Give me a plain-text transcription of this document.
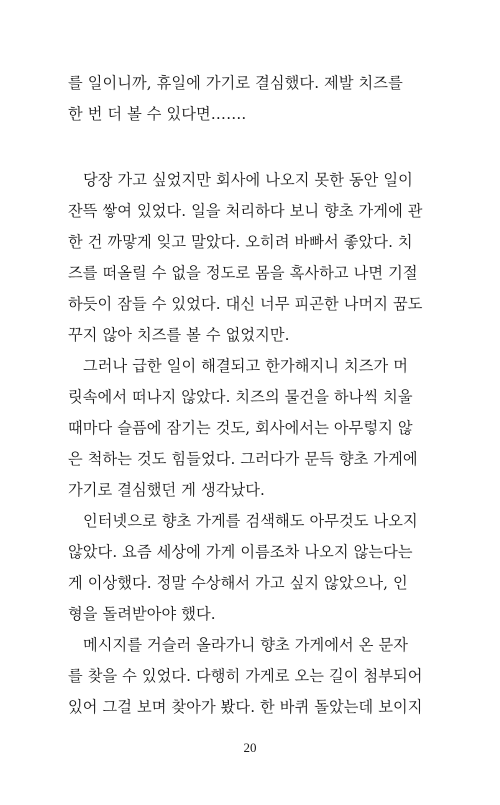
를 일이니까, 휴일에 가기로 결심했다. 제발 치즈를
한 번 더 볼 수 있다면…….
당장 가고 싶었지만 회사에 나오지 못한 동안 일이
잔뜩 쌓여 있었다. 일을 처리하다 보니 향초 가게에 관
한 건 까맣게 잊고 말았다. 오히려 바빠서 좋았다. 치
즈를 떠올릴 수 없을 정도로 몸을 혹사하고 나면 기절
하듯이 잠들 수 있었다. 대신 너무 피곤한 나머지 꿈도
꾸지 않아 치즈를 볼 수 없었지만.
그러나 급한 일이 해결되고 한가해지니 치즈가 머
릿속에서 떠나지 않았다. 치즈의 물건을 하나씩 치울
때마다 슬픔에 잠기는 것도, 회사에서는 아무렇지 않
은 척하는 것도 힘들었다. 그러다가 문득 향초 가게에
가기로 결심했던 게 생각났다.
인터넷으로 향초 가게를 검색해도 아무것도 나오지
않았다. 요즘 세상에 가게 이름조차 나오지 않는다는
게 이상했다. 정말 수상해서 가고 싶지 않았으나, 인
형을 돌려받아야 했다.
메시지를 거슬러 올라가니 향초 가게에서 온 문자
를 찾을 수 있었다. 다행히 가게로 오는 길이 첨부되어
있어 그걸 보며 찾아가 봤다. 한 바퀴 돌았는데 보이지
20
